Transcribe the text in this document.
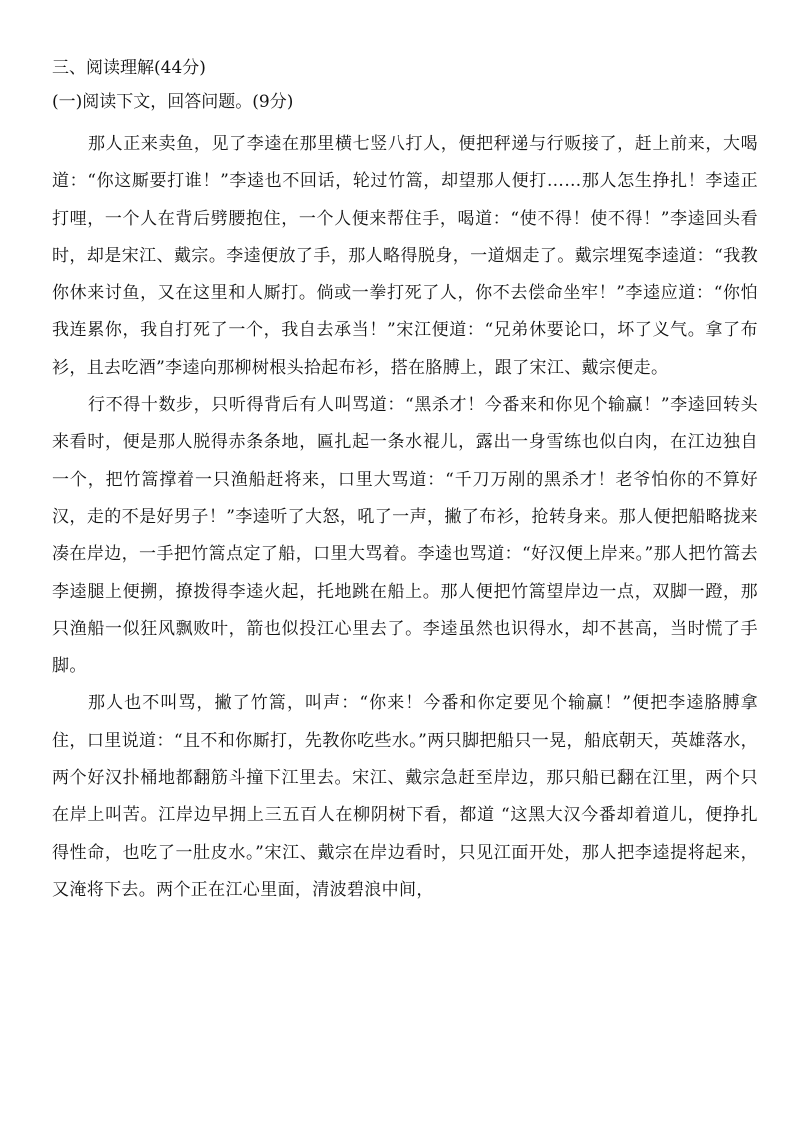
三、阅读理解(44分)
(一)阅读下文，回答问题。(9分)

那人正来卖鱼，见了李逵在那里横七竖八打人，便把秤递与行贩接了，赶上前来，大喝道：“你这厮要打谁！”李逵也不回话，轮过竹篙，却望那人便打……那人怎生挣扎！李逵正打哩，一个人在背后劈腰抱住，一个人便来帮住手，喝道：“使不得！使不得！”李逵回头看时，却是宋江、戴宗。李逵便放了手，那人略得脱身，一道烟走了。戴宗埋冤李逵道：“我教你休来讨鱼，又在这里和人厮打。倘或一拳打死了人，你不去偿命坐牢！”李逵应道：“你怕我连累你，我自打死了一个，我自去承当！”宋江便道：“兄弟休要论口，坏了义气。拿了布衫，且去吃酒”李逵向那柳树根头拾起布衫，搭在胳膊上，跟了宋江、戴宗便走。

行不得十数步，只听得背后有人叫骂道：“黑杀才！今番来和你见个输赢！”李逵回转头来看时，便是那人脱得赤条条地，匾扎起一条水裩儿，露出一身雪练也似白肉，在江边独自一个，把竹篙撑着一只渔船赶将来，口里大骂道：“千刀万剐的黑杀才！老爷怕你的不算好汉，走的不是好男子！”李逵听了大怒，吼了一声，撇了布衫，抢转身来。那人便把船略拢来凑在岸边，一手把竹篙点定了船，口里大骂着。李逵也骂道：“好汉便上岸来。”那人把竹篙去李逵腿上便搠，撩拨得李逵火起，托地跳在船上。那人便把竹篙望岸边一点，双脚一蹬，那只渔船一似狂风飘败叶，箭也似投江心里去了。李逵虽然也识得水，却不甚高，当时慌了手脚。

那人也不叫骂，撇了竹篙，叫声：“你来！今番和你定要见个输赢！”便把李逵胳膊拿住，口里说道：“且不和你厮打，先教你吃些水。”两只脚把船只一晃，船底朝天，英雄落水，两个好汉扑桶地都翻筋斗撞下江里去。宋江、戴宗急赶至岸边，那只船已翻在江里，两个只在岸上叫苦。江岸边早拥上三五百人在柳阴树下看，都道 “这黑大汉今番却着道儿，便挣扎得性命，也吃了一肚皮水。”宋江、戴宗在岸边看时，只见江面开处，那人把李逵提将起来，又淹将下去。两个正在江心里面，清波碧浪中间，
